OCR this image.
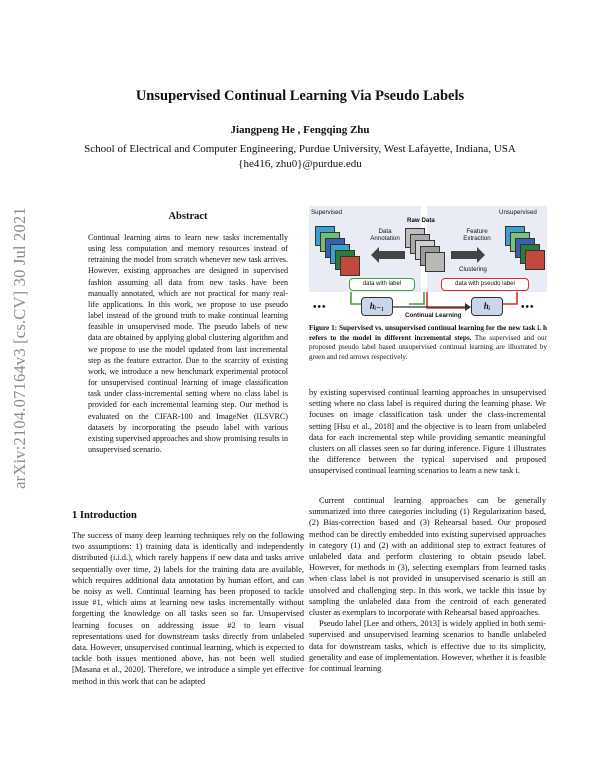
arXiv:2104.07164v3 [cs.CV] 30 Jul 2021
Unsupervised Continual Learning Via Pseudo Labels
Jiangpeng He , Fengqing Zhu
School of Electrical and Computer Engineering, Purdue University, West Lafayette, Indiana, USA
{he416, zhu0}@purdue.edu
Abstract
Continual learning aims to learn new tasks incrementally using less computation and memory resources instead of retraining the model from scratch whenever new task arrives. However, existing approaches are designed in supervised fashion assuming all data from new tasks have been manually annotated, which are not practical for many real-life applications. In this work, we propose to use pseudo label instead of the ground truth to make continual learning feasible in unsupervised mode. The pseudo labels of new data are obtained by applying global clustering algorithm and we propose to use the model updated from last incremental step as the feature extractor. Due to the scarcity of existing work, we introduce a new benchmark experimental protocol for unsupervised continual learning of image classification task under class-incremental setting where no class label is provided for each incremental learning step. Our method is evaluated on the CIFAR-100 and ImageNet (ILSVRC) datasets by incorporating the pseudo label with various existing supervised approaches and show promising results in unsupervised scenario.
1 Introduction

The success of many deep learning techniques rely on the following two assumptions: 1) training data is identically and independently distributed (i.i.d.), which rarely happens if new data and tasks arrive sequentially over time, 2) labels for the training data are available, which requires additional data annotation by human effort, and can be noisy as well. Continual learning has been proposed to tackle issue #1, which aims at learning new tasks incrementally without forgetting the knowledge on all tasks seen so far. Unsupervised learning focuses on addressing issue #2 to learn visual representations used for downstream tasks directly from unlabeled data. However, unsupervised continual learning, which is expected to tackle both issues mentioned above, has not been well studied [Masana et al., 2020]. Therefore, we introduce a simple yet effective method in this work that can be adapted

Supervised	Unsupervised
Raw Data
Data
Annotation
Feature
Extraction
Clustering
data with label	data with pseudo label
•••	hᵢ₋₁	hᵢ	•••
Continual Learning
Figure 1: Supervised vs. unsupervised continual learning for the new task i. h refers to the model in different incremental steps. The supervised and our proposed pseudo label based unsupervised continual learning are illustrated by green and red arrows respectively.

by existing supervised continual learning approaches in unsupervised setting where no class label is required during the learning phase. We focuses on image classification task under the class-incremental setting [Hsu et al., 2018] and the objective is to learn from unlabeled data for each incremental step while providing semantic meaningful clusters on all classes seen so far during inference. Figure 1 illustrates the difference between the typical supervised and proposed unsupervised continual learning scenarios to learn a new task i.

Current continual learning approaches can be generally summarized into three categories including (1) Regularization based, (2) Bias-correction based and (3) Rehearsal based. Our proposed method can be directly embedded into existing supervised approaches in category (1) and (2) with an additional step to extract features of unlabeled data and perform clustering to obtain pseudo label. However, for methods in (3), selecting exemplars from learned tasks when class label is not provided in unsupervised scenario is still an unsolved and challenging step. In this work, we tackle this issue by sampling the unlabeled data from the centroid of each generated cluster as exemplars to incorporate with Rehearsal based approaches.

Pseudo label [Lee and others, 2013] is widely applied in both semi-supervised and unsupervised learning scenarios to handle unlabeled data for downstream tasks, which is effective due to its simplicity, generality and ease of implementation. However, whether it is feasible for continual learning
